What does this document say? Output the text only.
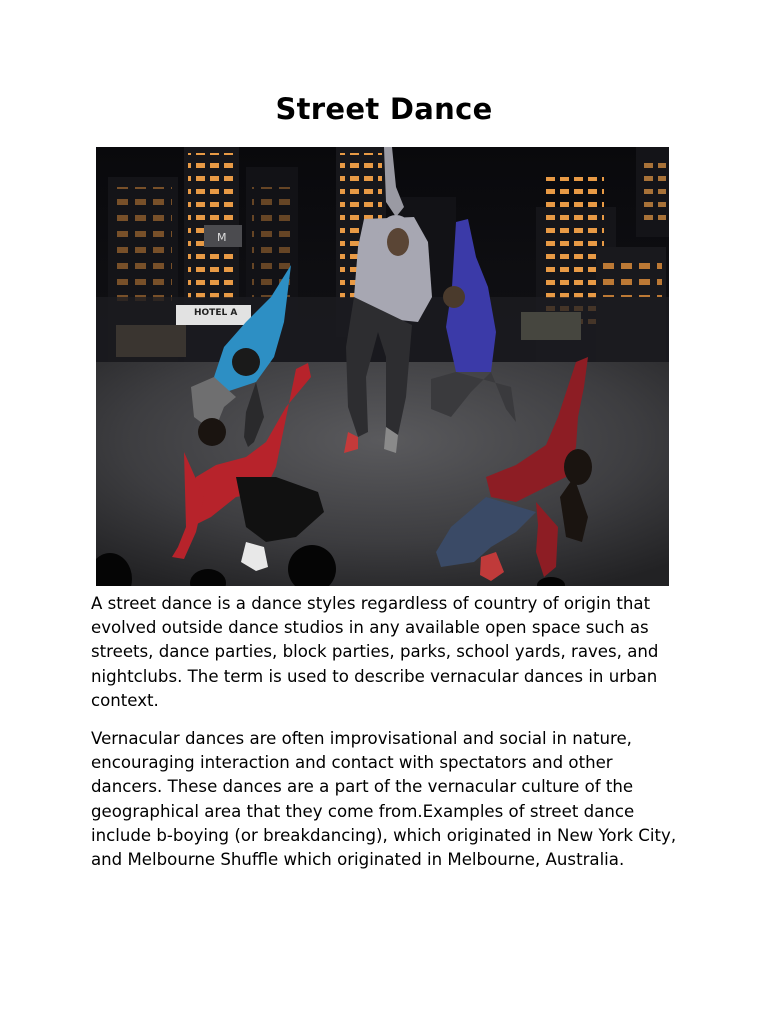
Street Dance
HOTEL A
M

A street dance is a dance styles regardless of country of origin that evolved outside dance studios in any available open space such as streets, dance parties, block parties, parks, school yards, raves, and nightclubs. The term is used to describe vernacular dances in urban context.

Vernacular dances are often improvisational and social in nature, encouraging interaction and contact with spectators and other dancers. These dances are a part of the vernacular culture of the geographical area that they come from.Examples of street dance include b-boying (or breakdancing), which originated in New York City, and Melbourne Shuffle which originated in Melbourne, Australia.
